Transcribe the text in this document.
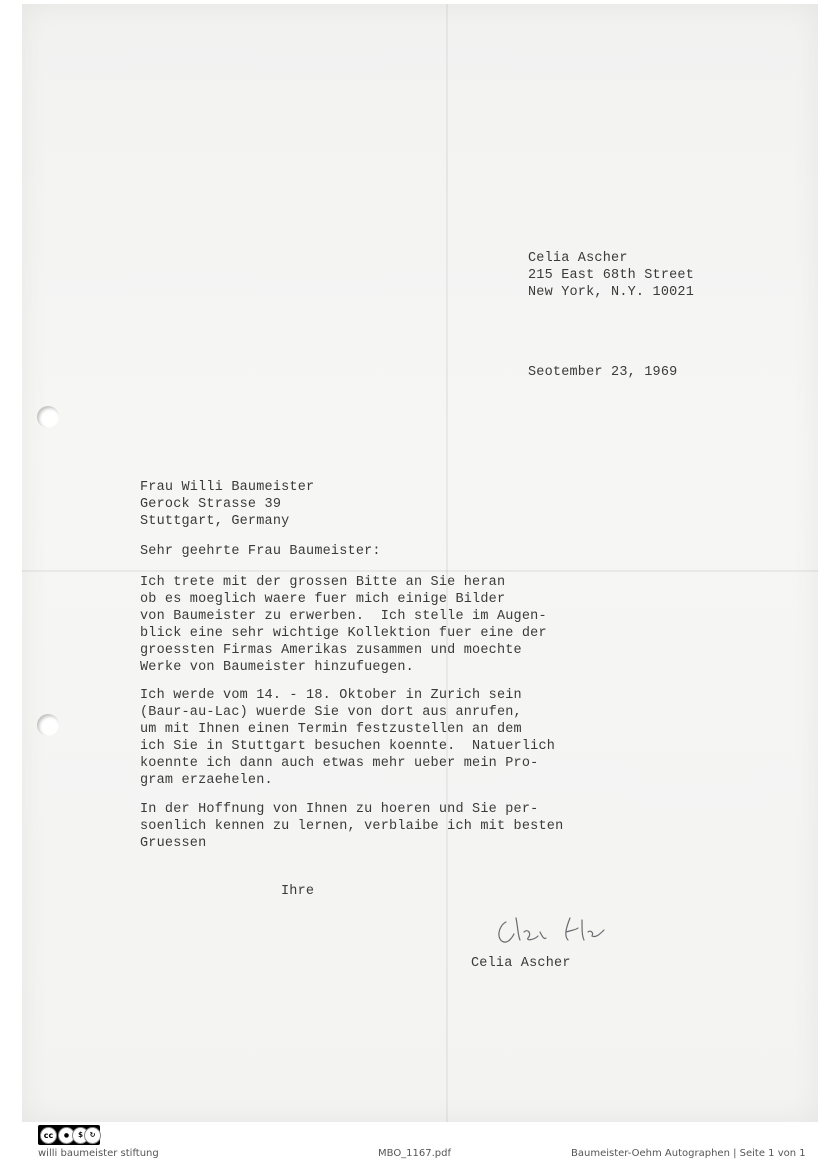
Celia Ascher
215 East 68th Street
New York, N.Y. 10021
Seotember 23, 1969
Frau Willi Baumeister
Gerock Strasse 39
Stuttgart, Germany
Sehr geehrte Frau Baumeister:
Ich trete mit der grossen Bitte an Sie heran
ob es moeglich waere fuer mich einige Bilder
von Baumeister zu erwerben.  Ich stelle im Augen-
blick eine sehr wichtige Kollektion fuer eine der
groessten Firmas Amerikas zusammen und moechte
Werke von Baumeister hinzufuegen.
Ich werde vom 14. - 18. Oktober in Zurich sein
(Baur-au-Lac) wuerde Sie von dort aus anrufen,
um mit Ihnen einen Termin festzustellen an dem
ich Sie in Stuttgart besuchen koennte.  Natuerlich
koennte ich dann auch etwas mehr ueber mein Pro-
gram erzaehelen.
In der Hoffnung von Ihnen zu hoeren und Sie per-
soenlich kennen zu lernen, verblaibe ich mit besten
Gruessen
Ihre
Celia Ascher
cc	●	$ ↻
willi baumeister stiftung	MBO_1167.pdf	Baumeister-Oehm Autographen | Seite 1 von 1
